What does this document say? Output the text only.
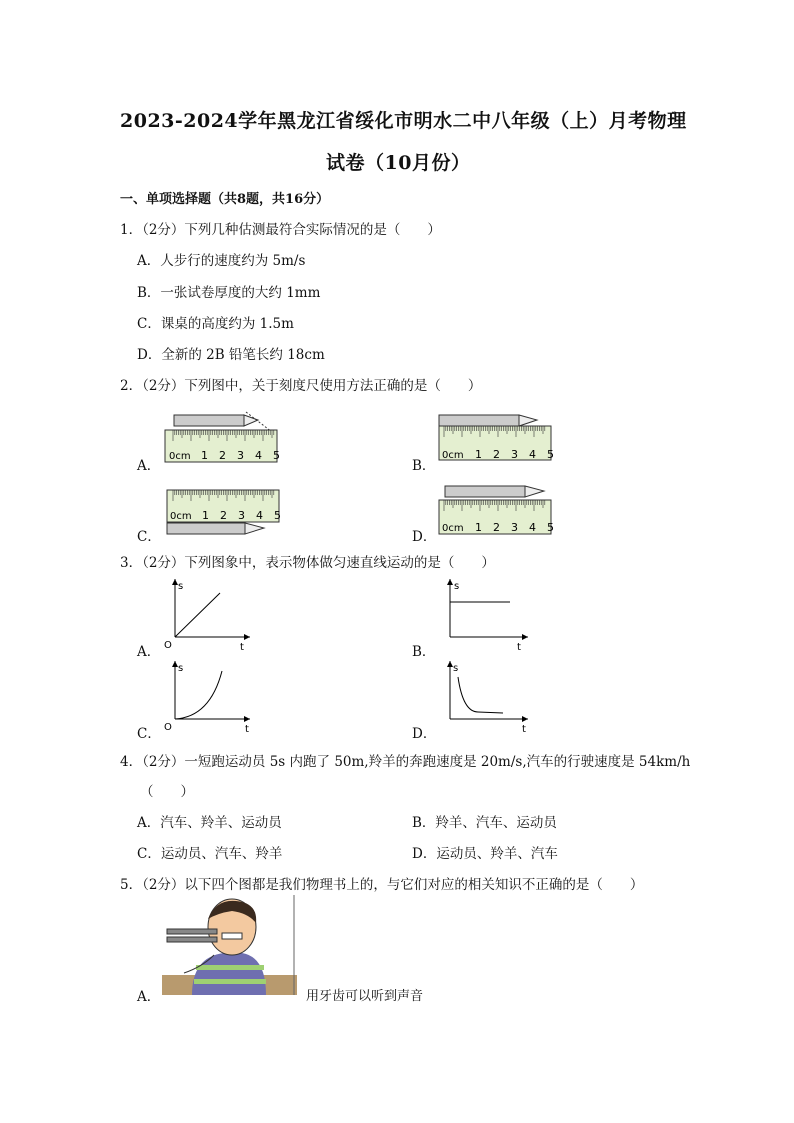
2023-2024学年黑龙江省绥化市明水二中八年级（上）月考物理
试卷（10月份）
一、单项选择题（共8题，共16分）
1．（2分）下列几种估测最符合实际情况的是（　　）
A．人步行的速度约为 5m/s
B．一张试卷厚度的大约 1mm
C．课桌的高度约为 1.5m
D．全新的 2B 铅笔长约 18cm
2．（2分）下列图中，关于刻度尺使用方法正确的是（　　）
A．
0cm 1 2 3 4 5
B．
0cm 1 2 3 4 5
C．
0cm 1 2 3 4 5
D．
0cm 1 2 3 4 5
3．（2分）下列图象中，表示物体做匀速直线运动的是（　　）
A．
s
t
O	B．
s
t
C．
s
t
O	D．
s
t
4．（2分）一短跑运动员 5s 内跑了 50m,羚羊的奔跑速度是 20m/s,汽车的行驶速度是 54km/h
（　　）
A．汽车、羚羊、运动员	B．羚羊、汽车、运动员
C．运动员、汽车、羚羊	D．运动员、羚羊、汽车
5．（2分）以下四个图都是我们物理书上的，与它们对应的相关知识不正确的是（　　）
A．	用牙齿可以听到声音
